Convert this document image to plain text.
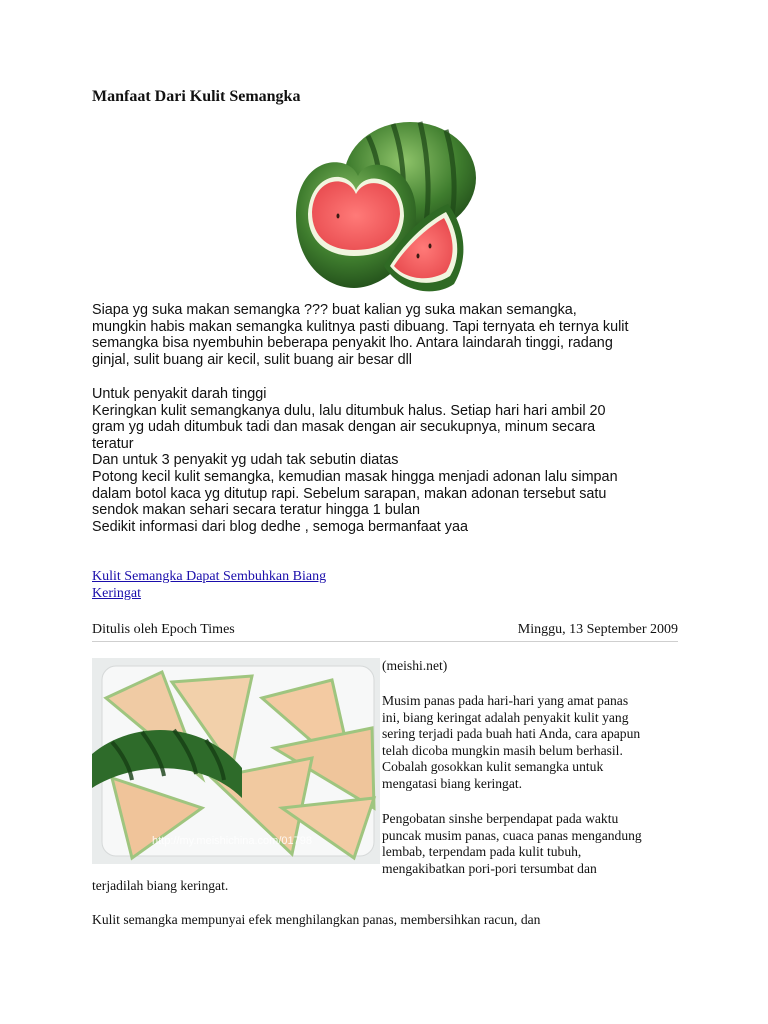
Manfaat Dari Kulit Semangka

Siapa yg suka makan semangka ??? buat kalian yg suka makan semangka,

mungkin habis makan semangka kulitnya pasti dibuang. Tapi ternyata eh ternya kulit

semangka bisa nyembuhin beberapa penyakit lho. Antara laindarah tinggi, radang

ginjal, sulit buang air kecil, sulit buang air besar dll

Untuk penyakit darah tinggi

Keringkan kulit semangkanya dulu, lalu ditumbuk halus. Setiap hari hari ambil 20

gram yg udah ditumbuk tadi dan masak dengan air secukupnya, minum secara

teratur

Dan untuk 3 penyakit yg udah tak sebutin diatas

Potong kecil kulit semangka, kemudian masak hingga menjadi adonan lalu simpan

dalam botol kaca yg ditutup rapi. Sebelum sarapan, makan adonan tersebut satu

sendok makan sehari secara teratur hingga 1 bulan

Sedikit informasi dari blog dedhe , semoga bermanfaat yaa

Kulit Semangka Dapat Sembuhkan Biang
Keringat
Ditulis oleh Epoch Times	Minggu, 13 September 2009
http://my.meishichina.com/01798
(meishi.net)
Musim panas pada hari-hari yang amat panas
ini, biang keringat adalah penyakit kulit yang
sering terjadi pada buah hati Anda, cara apapun
telah dicoba mungkin masih belum berhasil.
Cobalah gosokkan kulit semangka untuk
mengatasi biang keringat.
Pengobatan sinshe berpendapat pada waktu
puncak musim panas, cuaca panas mengandung
lembab, terpendam pada kulit tubuh,
mengakibatkan pori-pori tersumbat dan
terjadilah biang keringat.
Kulit semangka mempunyai efek menghilangkan panas, membersihkan racun, dan
